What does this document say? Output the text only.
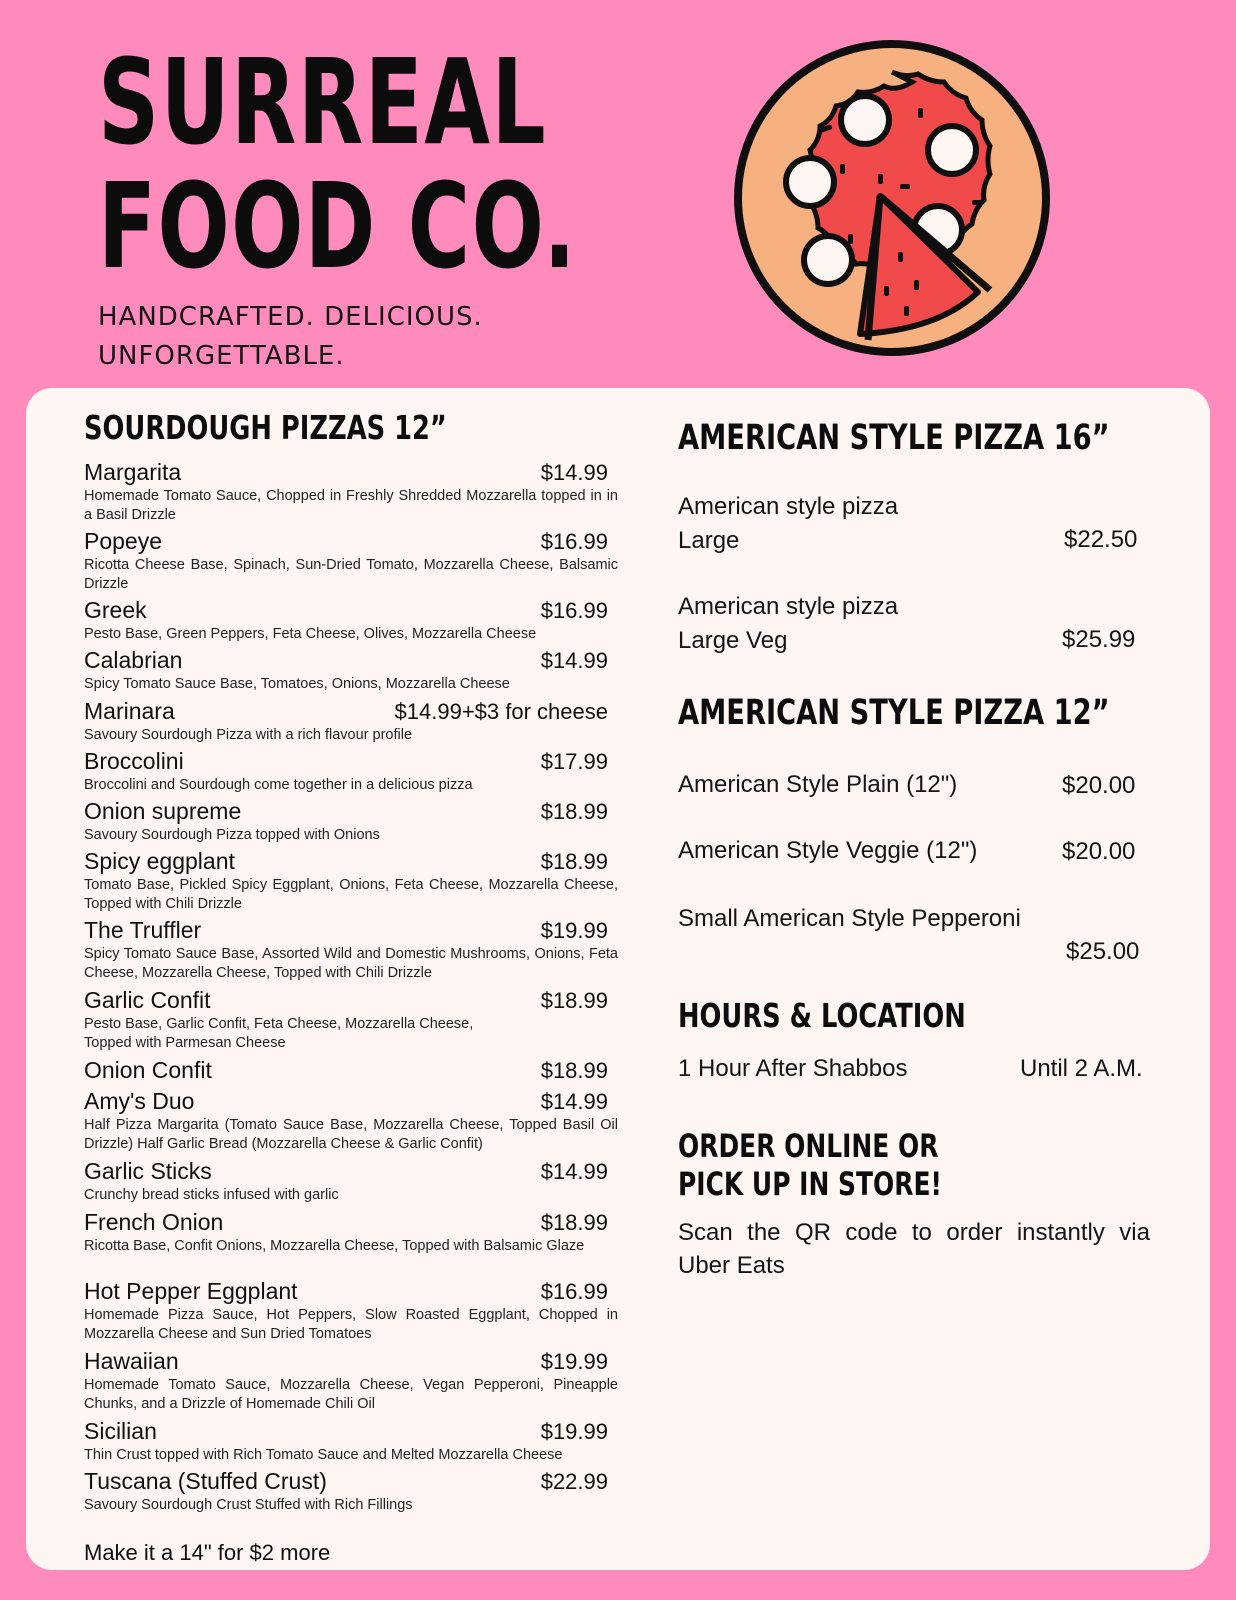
SURREAL
FOOD CO.
HANDCRAFTED. DELICIOUS.
UNFORGETTABLE.
SOURDOUGH PIZZAS 12”
Margarita	$14.99
Homemade Tomato Sauce, Chopped in Freshly Shredded Mozzarella topped in in a Basil Drizzle
Popeye	$16.99
Ricotta Cheese Base, Spinach, Sun-Dried Tomato, Mozzarella Cheese, Balsamic Drizzle
Greek	$16.99
Pesto Base, Green Peppers, Feta Cheese, Olives, Mozzarella Cheese
Calabrian	$14.99
Spicy Tomato Sauce Base, Tomatoes, Onions, Mozzarella Cheese
Marinara	$14.99+$3 for cheese
Savoury Sourdough Pizza with a rich flavour profile
Broccolini	$17.99
Broccolini and Sourdough come together in a delicious pizza
Onion supreme	$18.99
Savoury Sourdough Pizza topped with Onions
Spicy eggplant	$18.99
Tomato Base, Pickled Spicy Eggplant, Onions, Feta Cheese, Mozzarella Cheese, Topped with Chili Drizzle
The Truffler	$19.99
Spicy Tomato Sauce Base, Assorted Wild and Domestic Mushrooms, Onions, Feta Cheese, Mozzarella Cheese, Topped with Chili Drizzle
Garlic Confit	$18.99
Pesto Base, Garlic Confit, Feta Cheese, Mozzarella Cheese, Topped with Parmesan Cheese
Onion Confit	$18.99
Amy's Duo	$14.99
Half Pizza Margarita (Tomato Sauce Base, Mozzarella Cheese, Topped Basil Oil Drizzle) Half Garlic Bread (Mozzarella Cheese & Garlic Confit)
Garlic Sticks	$14.99
Crunchy bread sticks infused with garlic
French Onion	$18.99
Ricotta Base, Confit Onions, Mozzarella Cheese, Topped with Balsamic Glaze
Hot Pepper Eggplant	$16.99
Homemade Pizza Sauce, Hot Peppers, Slow Roasted Eggplant, Chopped in Mozzarella Cheese and Sun Dried Tomatoes
Hawaiian	$19.99
Homemade Tomato Sauce, Mozzarella Cheese, Vegan Pepperoni, Pineapple Chunks, and a Drizzle of Homemade Chili Oil
Sicilian	$19.99
Thin Crust topped with Rich Tomato Sauce and Melted Mozzarella Cheese
Tuscana (Stuffed Crust)	$22.99
Savoury Sourdough Crust Stuffed with Rich Fillings
Make it a 14" for $2 more
AMERICAN STYLE PIZZA 16”
American style pizza
Large	$22.50
American style pizza
Large Veg	$25.99
AMERICAN STYLE PIZZA 12”
American Style Plain (12")	$20.00
American Style Veggie (12")	$20.00
Small American Style Pepperoni
$25.00
HOURS & LOCATION
1 Hour After Shabbos	Until 2 A.M.
ORDER ONLINE OR
PICK UP IN STORE!
Scan the QR code to order instantly via Uber Eats
